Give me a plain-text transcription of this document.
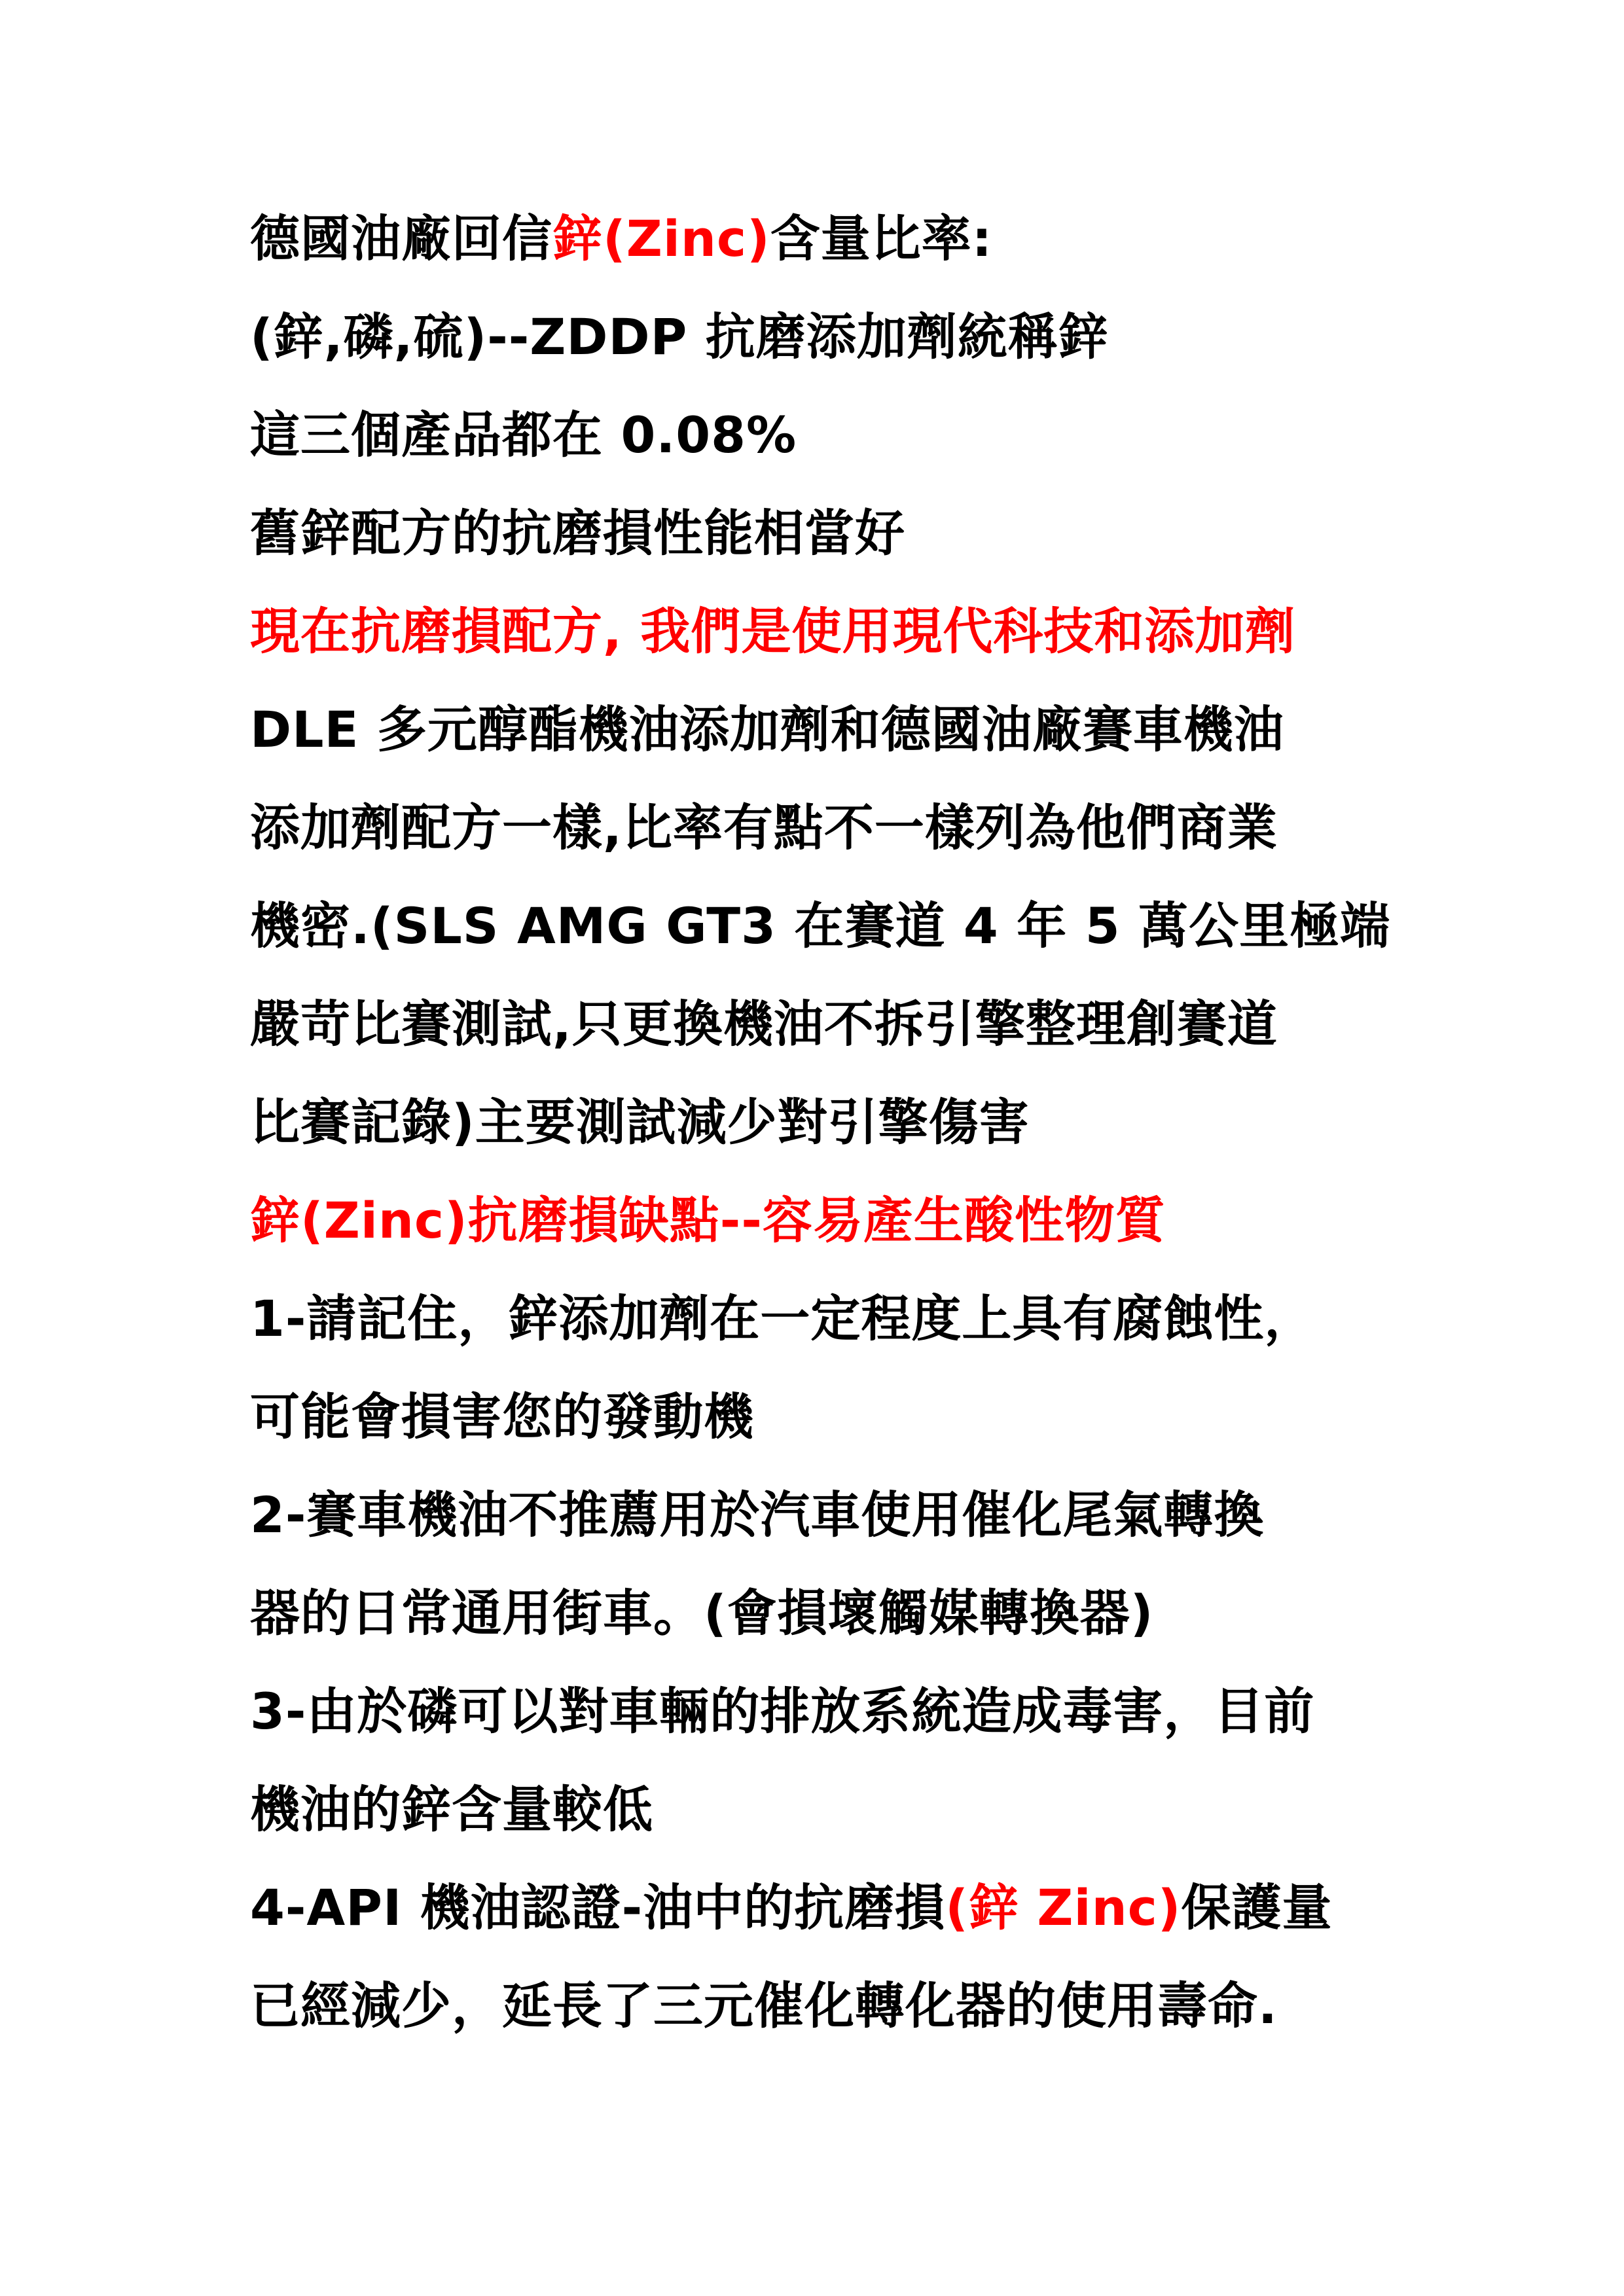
德國油廠回信鋅(Zinc)含量比率:
(鋅,磷,硫)--ZDDP 抗磨添加劑統稱鋅
這三個產品都在 0.08%
舊鋅配方的抗磨損性能相當好
現在抗磨損配方, 我們是使用現代科技和添加劑
DLE 多元醇酯機油添加劑和德國油廠賽車機油
添加劑配方一樣,比率有點不一樣列為他們商業
機密.(SLS AMG GT3 在賽道 4 年 5 萬公里極端
嚴苛比賽測試,只更換機油不拆引擎整理創賽道
比賽記錄)主要測試減少對引擎傷害
鋅(Zinc)抗磨損缺點--容易產生酸性物質
1-請記住，鋅添加劑在一定程度上具有腐蝕性，
可能會損害您的發動機
2-賽車機油不推薦用於汽車使用催化尾氣轉換
器的日常通用街車。(會損壞觸媒轉換器)
3-由於磷可以對車輛的排放系統造成毒害，目前
機油的鋅含量較低
4-API 機油認證-油中的抗磨損(鋅 Zinc)保護量
已經減少，延長了三元催化轉化器的使用壽命.
